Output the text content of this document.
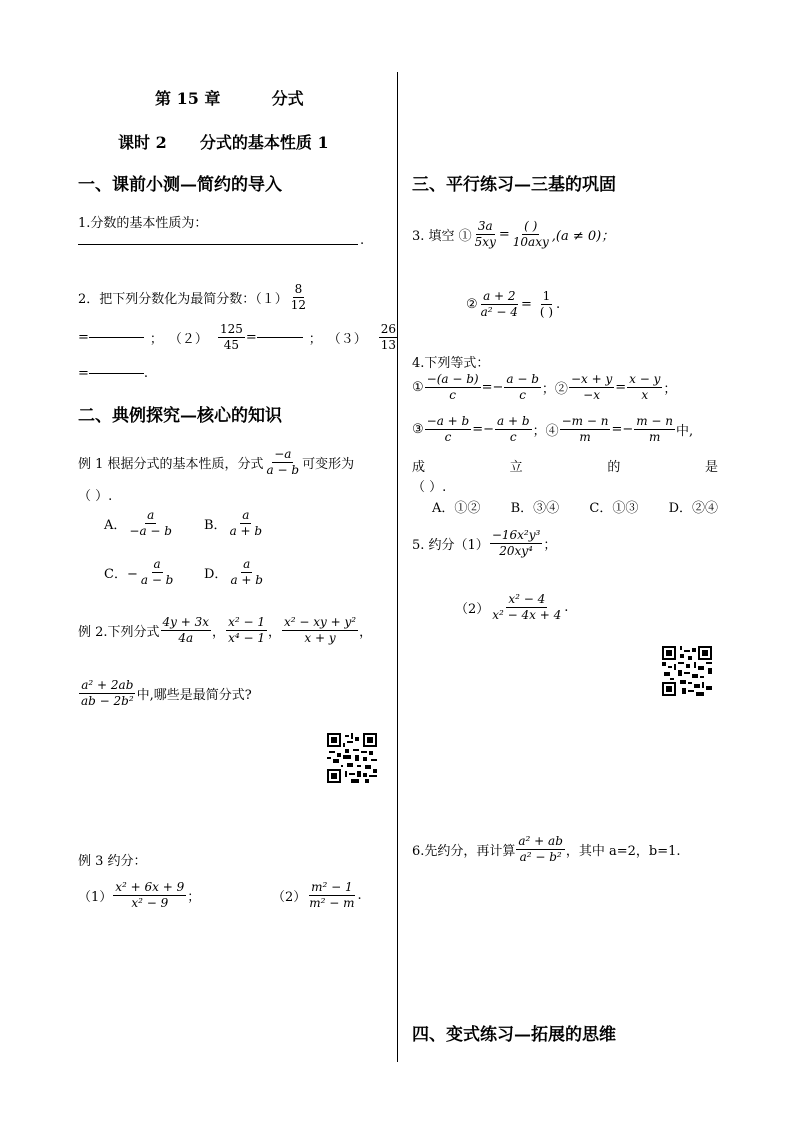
第 15 章	分式
课时 2 分式的基本性质 1
一、课前小测—简约的导入
1.分数的基本性质为：
.
2．把下列分数化为最简分数：$(1) \frac{8}{12}$
=	； $(2) \frac{125}{45}$ =	； $(3) \frac{26}{13}$
=	.
二、典例探究—核心的知识
例 1 根据分式的基本性质，分式 $\frac{-a}{a - b}$ 可变形为
（ ）.
A． $\frac{a}{-a - b}$ B． $\frac{a}{a + b}$
C．− $\frac{a}{a - b}$ D． $\frac{a}{a + b}$
例 2.下列分式 $\frac{4y + 3x}{4a}$ ， $\frac{\text{x² − 1}}{\text{x⁴ − 1}}$ ， $\frac{\text{x² − xy + y²}}{x + y}$ ，
$\frac{\text{a² + 2ab}}{\text{ab − 2b²}}$ 中,哪些是最简分式?
例 3 约分：
$(1) \frac{\text{x² + 6x + 9}}{\text{x² − 9}}$ ；	$(2) \frac{\text{m² − 1}}{\text{m² − m}}$ .
三、平行练习—三基的巩固
3. 填空 ① $\frac{3a}{5xy} = \frac{( )}{\text{10axy}} ,(a \ne 0)$；
② $\frac{a + 2}{\text{a² − 4}} = \frac{1}{( )}$ .
4.下列等式：
① $\frac{-(a - b)}{c} =- \frac{a - b}{c}$ ；② $\frac{-x + y}{-x} = \frac{x - y}{x}$ ；
③ $\frac{-a + b}{c} =- \frac{a + b}{c}$ ；④ $\frac{-m - n}{m} =- \frac{m - n}{m}$ 中,
成	立	的	是
（ ）.
A．①② B．③④ C．①③ D．②④
5. 约分$(1) \frac{\text{−16x²y³}}{\text{20xy⁴}}$ ；
$(2) \frac{\text{x² − 4}}{\text{x² − 4x + 4}}$ .
6.先约分，再计算 $\frac{\text{a² + ab}}{\text{a² − b²}}$ ，其中 a=2，b=1.
四、变式练习—拓展的思维
